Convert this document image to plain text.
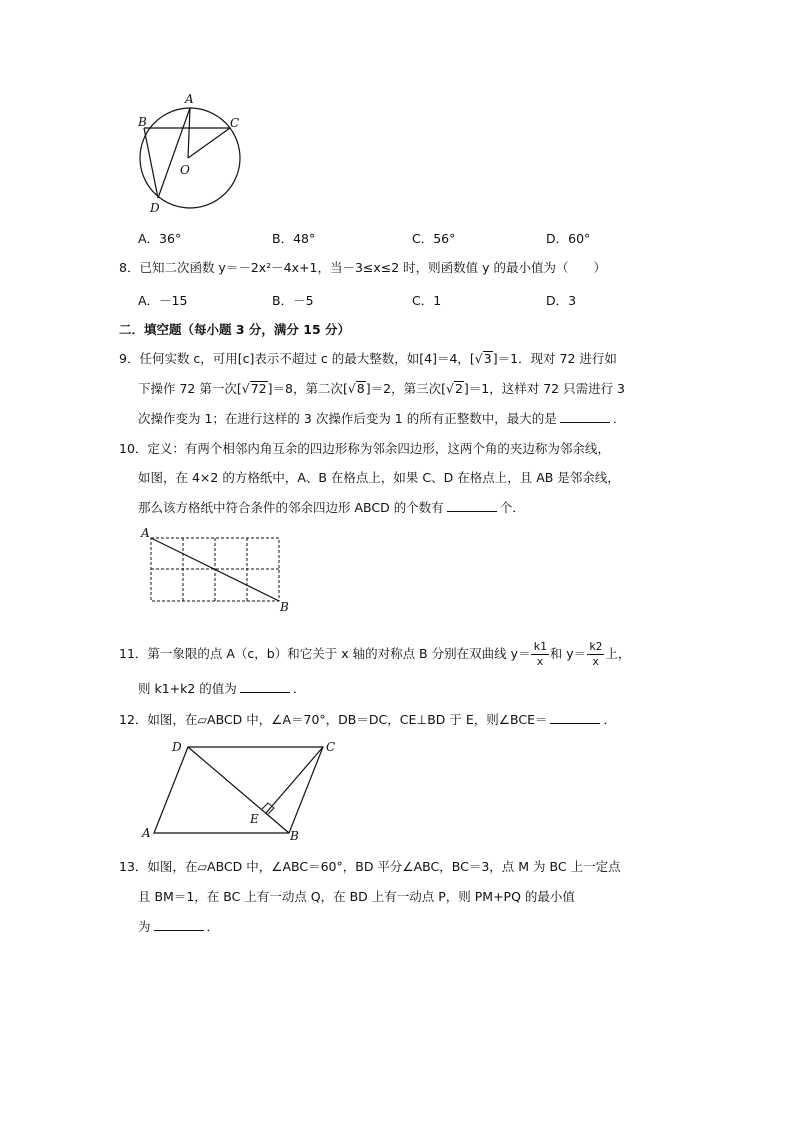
A
B	C
O
D
A．36°	B．48°	C．56°	D．60°
8．已知二次函数 y＝－2x²－4x+1，当－3≤x≤2 时，则函数值 y 的最小值为（　　）
A．－15	B．－5	C．1	D．3
二．填空题（每小题 3 分，满分 15 分）
9．任何实数 c，可用[c]表示不超过 c 的最大整数，如[4]＝4，[√3]＝1．现对 72 进行如
下操作 72 第一次[√72]＝8，第二次[√8]＝2，第三次[√2]＝1，这样对 72 只需进行 3
次操作变为 1；在进行这样的 3 次操作后变为 1 的所有正整数中，最大的是	．
10．定义：有两个相邻内角互余的四边形称为邻余四边形，这两个角的夹边称为邻余线，
如图，在 4×2 的方格纸中，A、B 在格点上，如果 C、D 在格点上，且 AB 是邻余线，
那么该方格纸中符合条件的邻余四边形 ABCD 的个数有	个．
A
B
11．第一象限的点 A（c，b）和它关于 x 轴的对称点 B 分别在双曲线 $y= \frac{k1}{x}$ 和 $y= \frac{k2}{x}$ 上，
则 k1+k2 的值为	．
12．如图，在▱ABCD 中，∠A＝70°，DB＝DC，CE⊥BD 于 E，则∠BCE＝	．
A	B
C
D
E
13．如图，在▱ABCD 中，∠ABC＝60°，BD 平分∠ABC，BC＝3，点 M 为 BC 上一定点
且 BM＝1，在 BC 上有一动点 Q，在 BD 上有一动点 P，则 PM+PQ 的最小值
为	．
